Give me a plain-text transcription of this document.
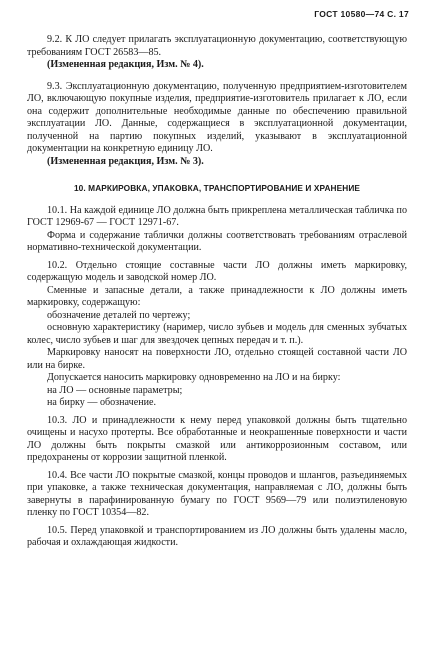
ГОСТ 10580—74 С. 17

9.2. К ЛО следует прилагать эксплуатационную документацию, соответствующую требованиям ГОСТ 26583—85.

(Измененная редакция, Изм. № 4).

9.3. Эксплуатационную документацию, полученную предприятием-изготовителем ЛО, включающую покупные изделия, предприятие-изготовитель прилагает к ЛО, если она содержит дополнительные необходимые данные по обеспечению правильной эксплуатации ЛО. Данные, содержащиеся в эксплуатационной документации, полученной на партию покупных изделий, указывают в эксплуатационной документации на конкретную единицу ЛО.

(Измененная редакция, Изм. № 3).

10. МАРКИРОВКА, УПАКОВКА, ТРАНСПОРТИРОВАНИЕ И ХРАНЕНИЕ

10.1. На каждой единице ЛО должна быть прикреплена металлическая табличка по ГОСТ 12969-67 — ГОСТ 12971-67.

Форма и содержание таблички должны соответствовать требованиям отраслевой нормативно-технической документации.

10.2. Отдельно стоящие составные части ЛО должны иметь маркировку, содержащую модель и заводской номер ЛО.

Сменные и запасные детали, а также принадлежности к ЛО должны иметь маркировку, содержащую:

обозначение деталей по чертежу;

основную характеристику (наример, число зубьев и модель для сменных зубчатых колес, число зубьев и шаг для звездочек цепных передач и т. п.).

Маркировку наносят на поверхности ЛО, отдельно стоящей составной части ЛО или на бирке.

Допускается наносить маркировку одновременно на ЛО и на бирку:

на ЛО — основные параметры;

на бирку — обозначение.

10.3. ЛО и принадлежности к нему перед упаковкой должны быть тщательно очищены и насухо протерты. Все обработанные и неокрашенные поверхности и части ЛО должны быть покрыты смазкой или антикоррозионным составом, или предохранены от коррозии защитной пленкой.

10.4. Все части ЛО покрытые смазкой, концы проводов и шлангов, разъединяемых при упаковке, а также техническая документация, направляемая с ЛО, должны быть завернуты в парафинированную бумагу по ГОСТ 9569—79 или полиэтиленовую пленку по ГОСТ 10354—82.

10.5. Перед упаковкой и транспортированием из ЛО должны быть удалены масло, рабочая и охлаждающая жидкости.
